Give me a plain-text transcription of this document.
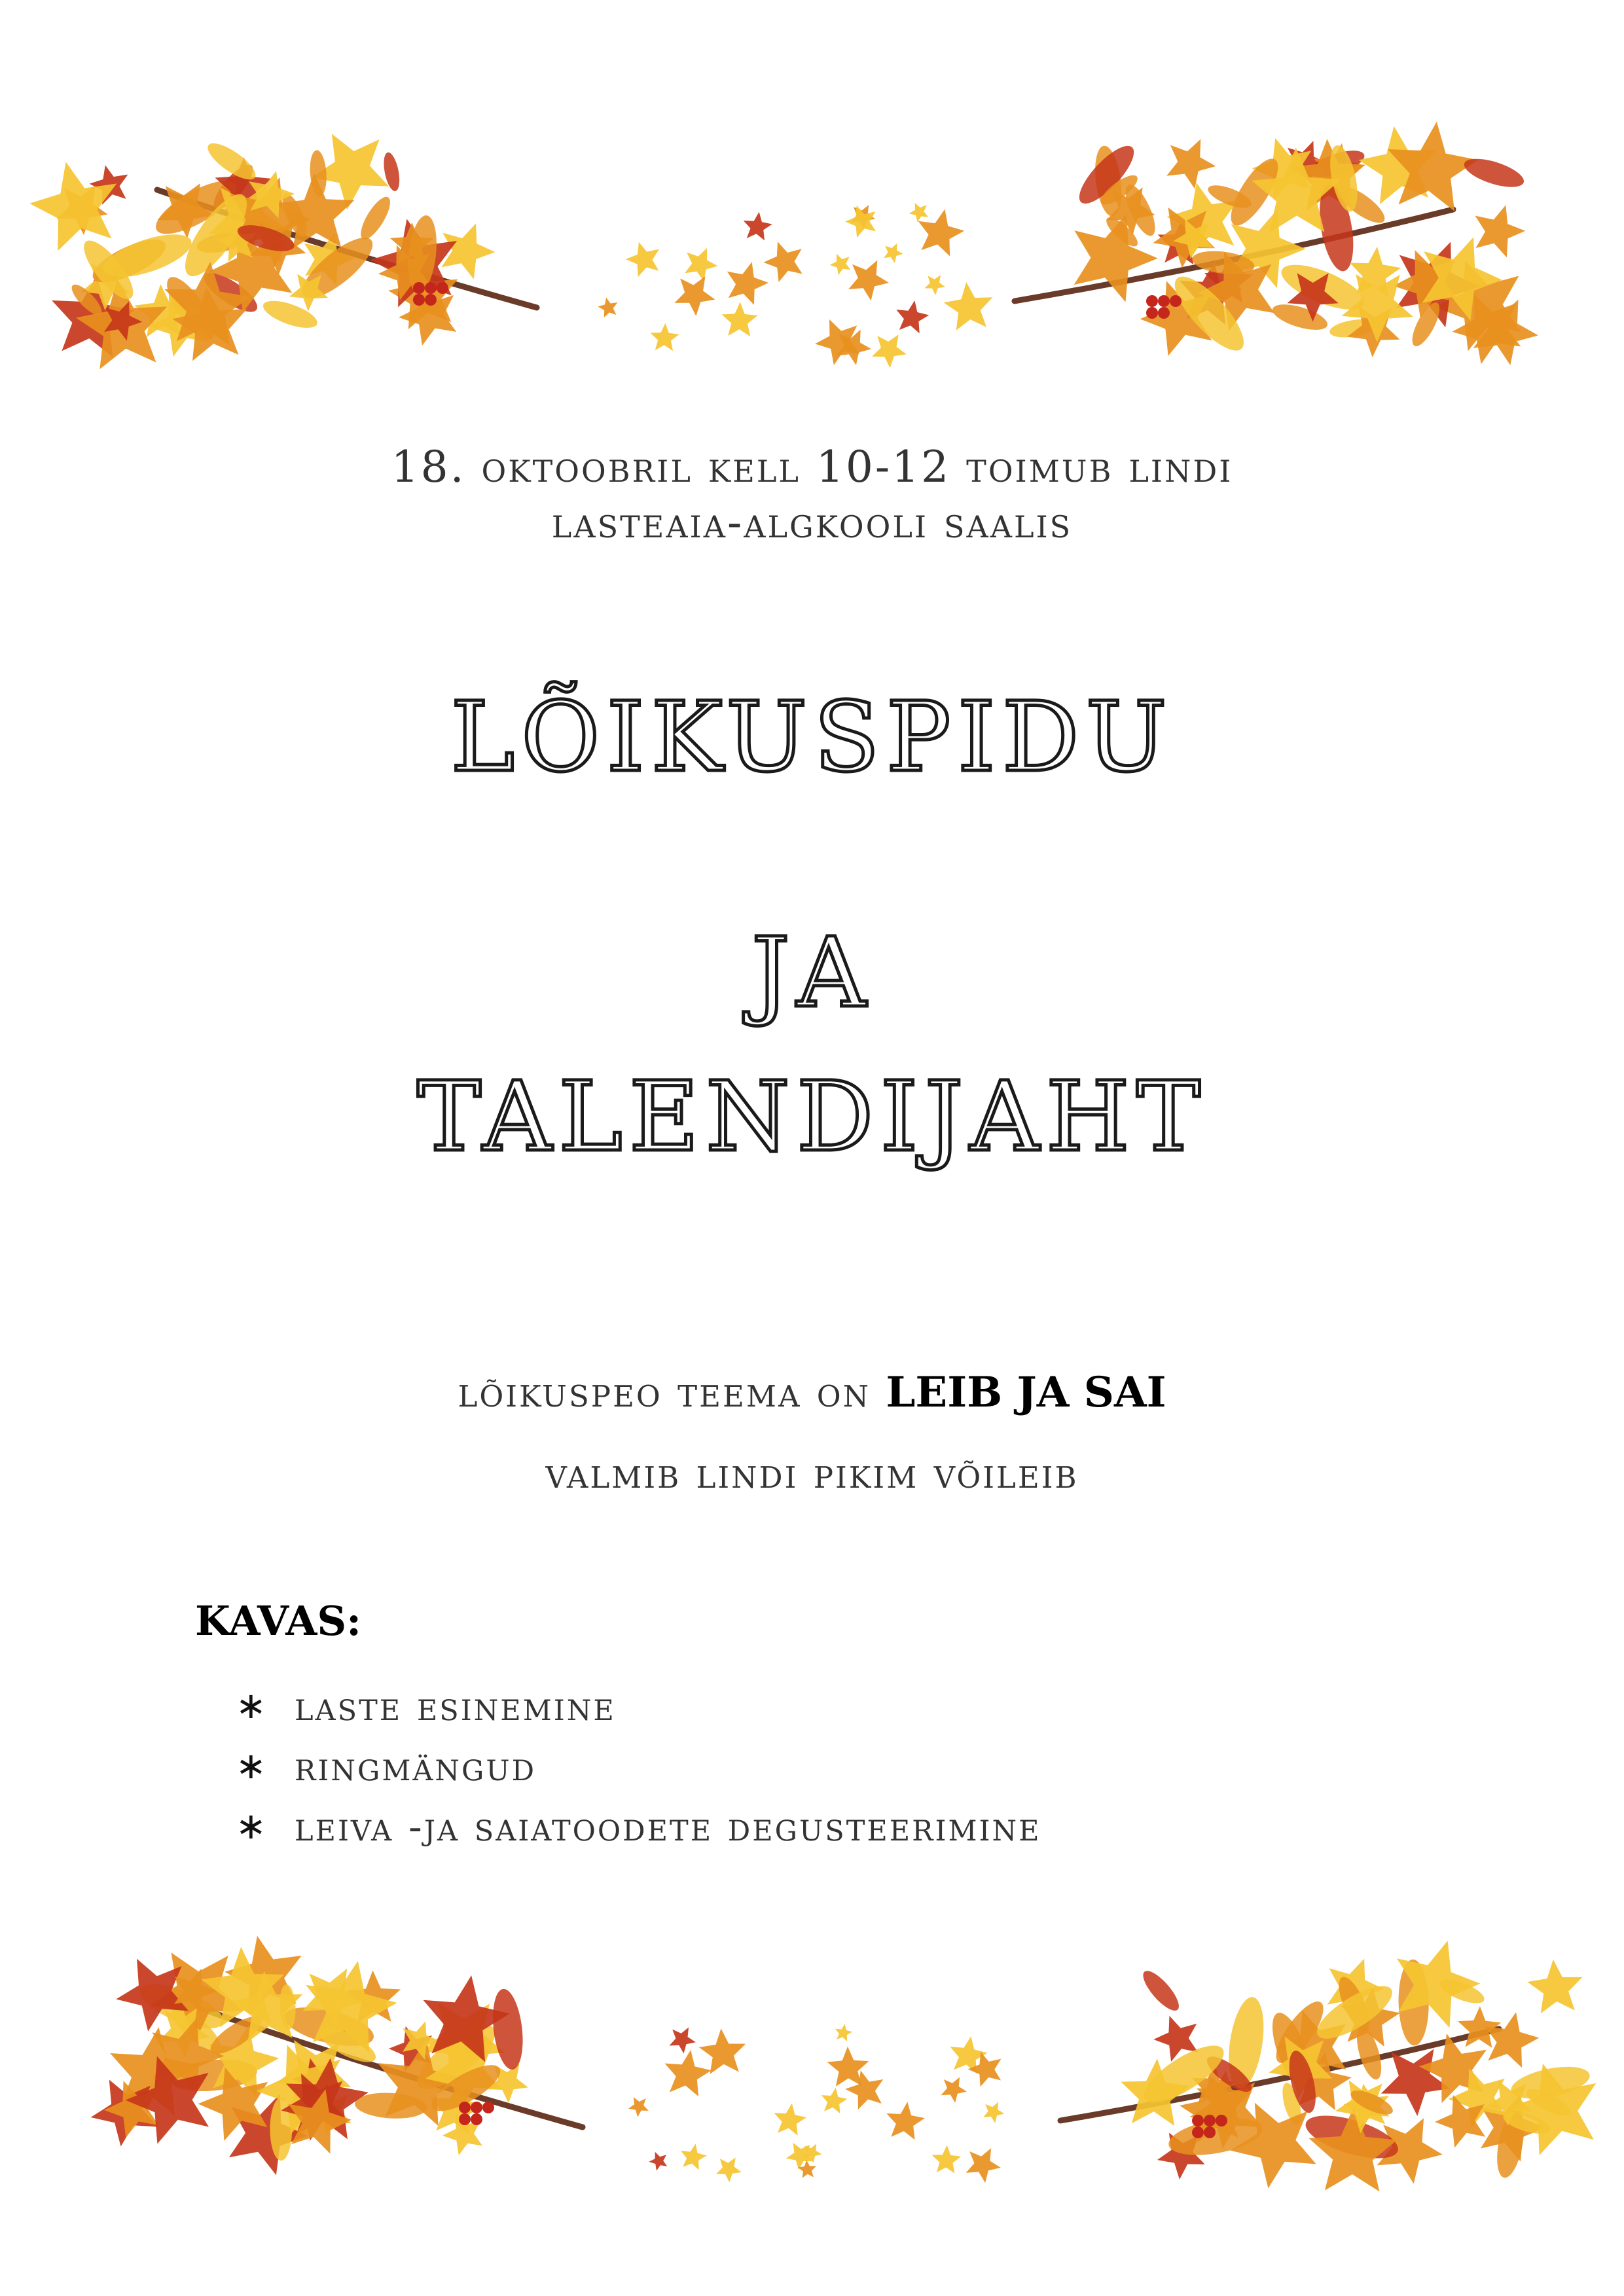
18. oktoobril kell 10-12 toimub lindi
lasteaia-algkooli saalis
lõikuspidu
ja
talendijaht
lõikuspeo teema on LEIB JA SAI
valmib lindi pikim võileib
KAVAS:
∗ laste esinemine
∗ ringmängud
∗ leiva -ja saiatoodete degusteerimine
